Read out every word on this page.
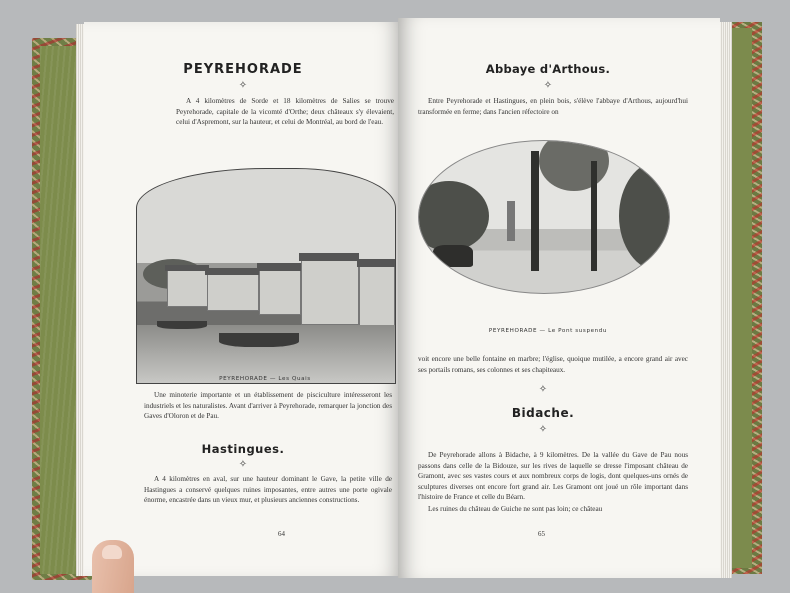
PEYREHORADE
✧

A 4 kilomètres de Sorde et 18 kilomètres de Salies se trouve Peyrehorade, capitale de la vicomté d'Orthe; deux châteaux s'y élevaient, celui d'Aspremont, sur la hauteur, et celui de Montréal, au bord de l'eau.

PEYREHORADE — Les Quais

Une minoterie importante et un établissement de pisciculture intéresseront les industriels et les naturalistes. Avant d'arriver à Peyrehorade, remarquer la jonction des Gaves d'Oloron et de Pau.

Hastingues.
✧

A 4 kilomètres en aval, sur une hauteur dominant le Gave, la petite ville de Hastingues a conservé quelques ruines imposantes, entre autres une porte ogivale énorme, encastrée dans un vieux mur, et plusieurs anciennes constructions.

64
Abbaye d'Arthous.
✧

Entre Peyrehorade et Hastingues, en plein bois, s'élève l'abbaye d'Arthous, aujourd'hui transformée en ferme; dans l'ancien réfectoire on

PEYREHORADE — Le Pont suspendu

voit encore une belle fontaine en marbre; l'église, quoique mutilée, a encore grand air avec ses portails romans, ses colonnes et ses chapiteaux.

✧
Bidache.
✧

De Peyrehorade allons à Bidache, à 9 kilomètres. De la vallée du Gave de Pau nous passons dans celle de la Bidouze, sur les rives de laquelle se dresse l'imposant château de Gramont, avec ses vastes cours et aux nombreux corps de logis, dont quelques-uns ornés de sculptures diverses ont encore fort grand air. Les Gramont ont joué un rôle important dans l'histoire de France et celle du Béarn.

Les ruines du château de Guiche ne sont pas loin; ce château

65
